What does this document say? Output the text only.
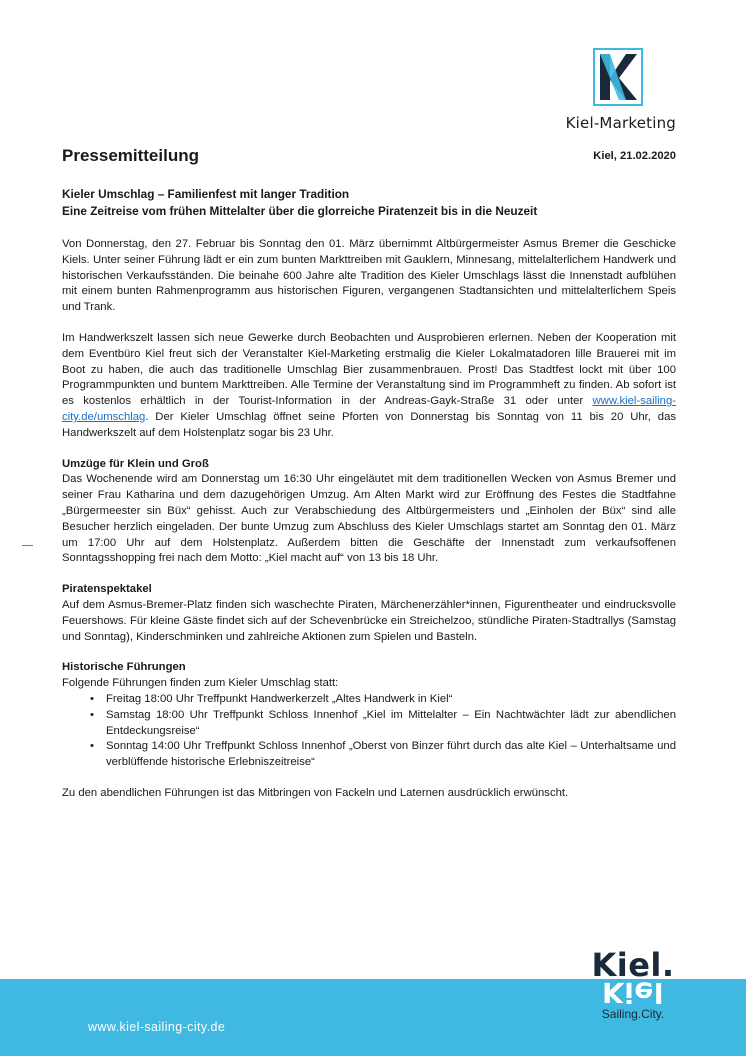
Kiel-Marketing
Pressemitteilung	Kiel, 21.02.2020
Kieler Umschlag – Familienfest mit langer Tradition
Eine Zeitreise vom frühen Mittelalter über die glorreiche Piratenzeit bis in die Neuzeit

Von Donnerstag, den 27. Februar bis Sonntag den 01. März übernimmt Altbürgermeister Asmus Bremer die Geschicke Kiels. Unter seiner Führung lädt er ein zum bunten Markttreiben mit Gauklern, Minnesang, mittelalterlichem Handwerk und historischen Verkaufsständen. Die beinahe 600 Jahre alte Tradition des Kieler Umschlags lässt die Innenstadt aufblühen mit einem bunten Rahmenprogramm aus historischen Figuren, vergangenen Stadtansichten und mittelalterlichem Speis und Trank.

Im Handwerkszelt lassen sich neue Gewerke durch Beobachten und Ausprobieren erlernen. Neben der Kooperation mit dem Eventbüro Kiel freut sich der Veranstalter Kiel-Marketing erstmalig die Kieler Lokalmatadoren lille Brauerei mit im Boot zu haben, die auch das traditionelle Umschlag Bier zusammenbrauen. Prost! Das Stadtfest lockt mit über 100 Programmpunkten und buntem Markttreiben. Alle Termine der Veranstaltung sind im Programmheft zu finden. Ab sofort ist es kostenlos erhältlich in der Tourist-Information in der Andreas-Gayk-Straße 31 oder unter www.kiel-sailing-city.de/umschlag. Der Kieler Umschlag öffnet seine Pforten von Donnerstag bis Sonntag von 11 bis 20 Uhr, das Handwerkszelt auf dem Holstenplatz sogar bis 23 Uhr.

Umzüge für Klein und Groß

Das Wochenende wird am Donnerstag um 16:30 Uhr eingeläutet mit dem traditionellen Wecken von Asmus Bremer und seiner Frau Katharina und dem dazugehörigen Umzug. Am Alten Markt wird zur Eröffnung des Festes die Stadtfahne „Bürgermeester sin Büx“ gehisst. Auch zur Verabschiedung des Altbürgermeisters und „Einholen der Büx“ sind alle Besucher herzlich eingeladen. Der bunte Umzug zum Abschluss des Kieler Umschlags startet am Sonntag den 01. März um 17:00 Uhr auf dem Holstenplatz. Außerdem bitten die Geschäfte der Innenstadt zum verkaufsoffenen Sonntagsshopping frei nach dem Motto: „Kiel macht auf“ von 13 bis 18 Uhr.

Piratenspektakel

Auf dem Asmus-Bremer-Platz finden sich waschechte Piraten, Märchenerzähler*innen, Figurentheater und eindrucksvolle Feuershows. Für kleine Gäste findet sich auf der Schevenbrücke ein Streichelzoo, stündliche Piraten-Stadtrallys (Samstag und Sonntag), Kinderschminken und zahlreiche Aktionen zum Spielen und Basteln.

Historische Führungen

Folgende Führungen finden zum Kieler Umschlag statt:

• Freitag 18:00 Uhr Treffpunkt Handwerkerzelt „Altes Handwerk in Kiel“
• Samstag 18:00 Uhr Treffpunkt Schloss Innenhof „Kiel im Mittelalter – Ein Nachtwächter lädt zur abendlichen Entdeckungsreise“
• Sonntag 14:00 Uhr Treffpunkt Schloss Innenhof „Oberst von Binzer führt durch das alte Kiel – Unterhaltsame und verblüffende historische Erlebniszeitreise“

Zu den abendlichen Führungen ist das Mitbringen von Fackeln und Laternen ausdrücklich erwünscht.

www.kiel-sailing-city.de
Kiel.
Kiel
Sailing.City.
